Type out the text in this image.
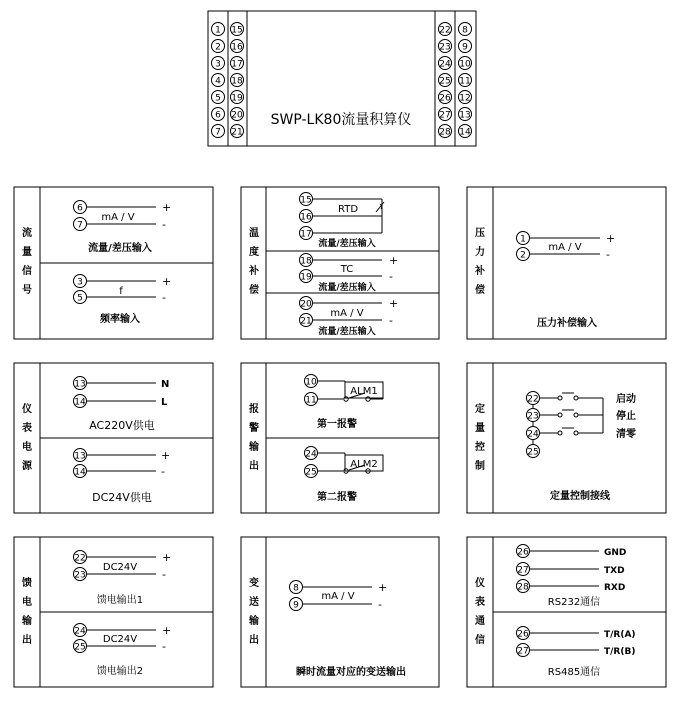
SWP-LK80流量积算仪
1
2
3
4
5
6
7
15
16
17
18
19
20
21
22
23
24
25
26
27
28
8
9
10
11
12
13
14
流
量
信
号
温
度
补
偿
压
力
补
偿
仪
表
电
源
报
警
输
出
定
量
控
制
馈
电
输
出
变
送
输
出
仪
表
通
信
6
7
3
5
15
16
17
18
19
20
21
1
2
13
14
13
14
10
11
24
25
22
23
24
25
22
23
24
25
8
9
26
27
28
26
27
mA / V
+
-
流量/差压输入
f
+
-
频率输入
RTD
流量/差压输入
TC
+
-
流量/差压输入
mA / V
+
-
流量/差压输入
mA / V
+
-
压力补偿输入
N
L
AC220V供电
+
-
DC24V供电
ALM1
第一报警
ALM2
第二报警
启动
停止
清零
定量控制接线
DC24V
+
-
馈电输出1
DC24V
+
-
馈电输出2
mA / V
+
-
瞬时流量对应的变送输出
GND
TXD
RXD
RS232通信
T/R(A)
T/R(B)
RS485通信
